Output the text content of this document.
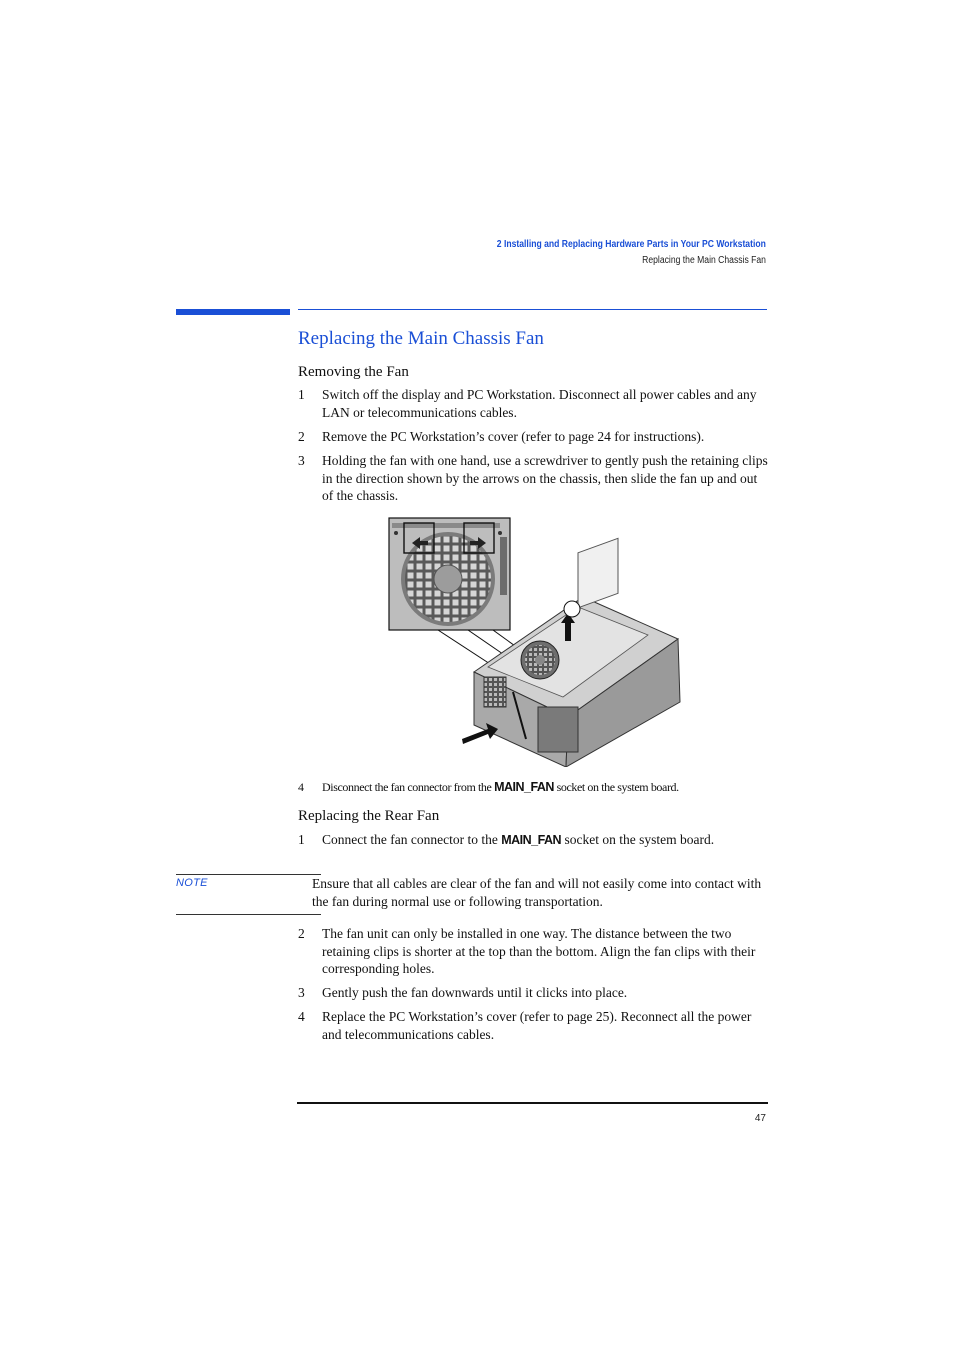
2 Installing and Replacing Hardware Parts in Your PC Workstation
Replacing the Main Chassis Fan
Replacing the Main Chassis Fan
Removing the Fan
1 Switch off the display and PC Workstation. Disconnect all power cables and any LAN or telecommunications cables.
2 Remove the PC Workstation’s cover (refer to page 24 for instructions).
3 Holding the fan with one hand, use a screwdriver to gently push the retaining clips in the direction shown by the arrows on the chassis, then slide the fan up and out of the chassis.
4 Disconnect the fan connector from the MAIN_FAN socket on the system board.
Replacing the Rear Fan
1 Connect the fan connector to the MAIN_FAN socket on the system board.
NOTE	Ensure that all cables are clear of the fan and will not easily come into contact with the fan during normal use or following transportation.
2 The fan unit can only be installed in one way. The distance between the two retaining clips is shorter at the top than the bottom. Align the fan clips with their corresponding holes.
3 Gently push the fan downwards until it clicks into place.
4 Replace the PC Workstation’s cover (refer to page 25). Reconnect all the power and telecommunications cables.
47
